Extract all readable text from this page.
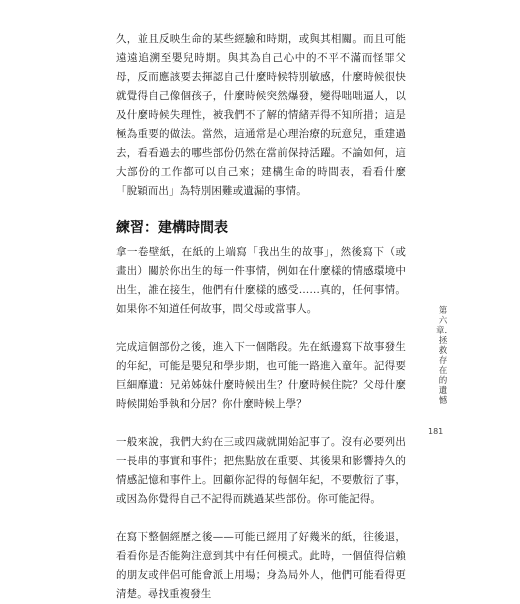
久，並且反映生命的某些經驗和時期，或與其相關。而且可能遠遠追溯至嬰兒時期。與其為自己心中的不平不滿而怪罪父母，反而應該要去揮認自己什麼時候特別敏感，什麼時候很快就覺得自己像個孩子，什麼時候突然爆發，變得咄咄逼人，以及什麼時候失理性，被我們不了解的情緒弄得不知所措；這是極為重要的做法。當然，這通常是心理治療的玩意兒，重建過去，看看過去的哪些部份仍然在當前保持活躍。不論如何，這大部份的工作都可以自己來；建構生命的時間表，看看什麼「脫穎而出」為特別困難或遺漏的事情。

練習：建構時間表

拿一卷壁紙，在紙的上端寫「我出生的故事」，然後寫下（或畫出）關於你出生的每一件事情，例如在什麼樣的情感環境中出生，誰在接生，他們有什麼樣的感受……真的，任何事情。如果你不知道任何故事，問父母或當事人。

完成這個部份之後，進入下一個階段。先在紙邊寫下故事發生的年紀，可能是嬰兒和學步期，也可能一路進入童年。記得要巨細靡遺：兄弟姊妹什麼時候出生？什麼時候住院？父母什麼時候開始爭執和分居？你什麼時候上學？

一般來說，我們大約在三或四歲就開始記事了。沒有必要列出一長串的事實和事件；把焦點放在重要、其後果和影響持久的情感記憶和事件上。回顧你記得的每個年紀，不要敷衍了事，或因為你覺得自己不記得而跳過某些部份。你可能記得。

在寫下整個經歷之後——可能已經用了好幾米的紙，往後退，看看你是否能夠注意到其中有任何模式。此時，一個值得信賴的朋友或伴侶可能會派上用場；身為局外人，他們可能看得更清楚。尋找重複發生

第六章．拯救存在的遺憾
181
